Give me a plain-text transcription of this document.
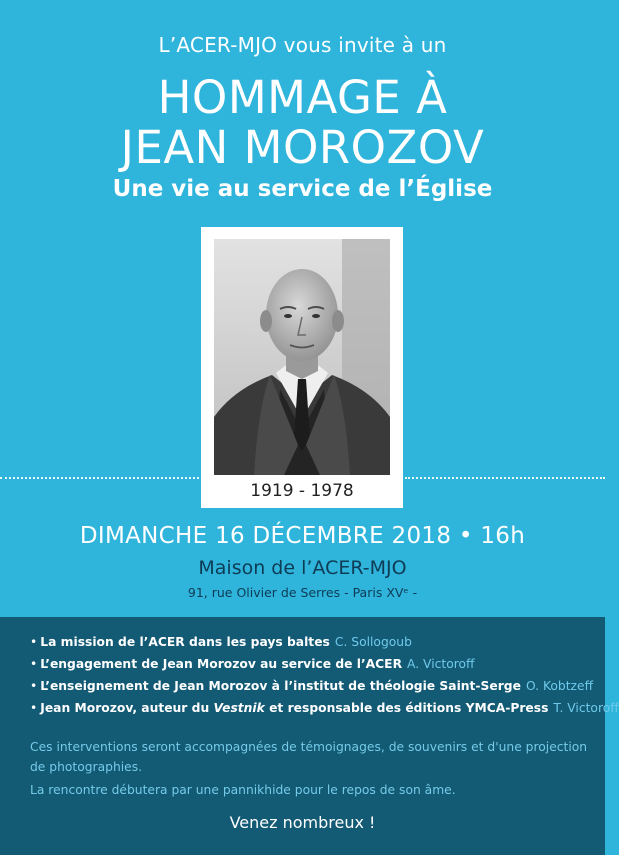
L’ACER-MJO vous invite à un
HOMMAGE À
JEAN MOROZOV
Une vie au service de l’Église
1919 - 1978
DIMANCHE 16 DÉCEMBRE 2018 • 16h
Maison de l’ACER-MJO
91, rue Olivier de Serres - Paris XVᵉ -
• La mission de l’ACER dans les pays baltes C. Sollogoub
• L’engagement de Jean Morozov au service de l’ACER A. Victoroff
• L’enseignement de Jean Morozov à l’institut de théologie Saint-Serge O. Kobtzeff
• Jean Morozov, auteur du Vestnik et responsable des éditions YMCA-Press T. Victoroff
Ces interventions seront accompagnées de témoignages, de souvenirs et d'une projection de photographies.
La rencontre débutera par une pannikhide pour le repos de son âme.
Venez nombreux !
